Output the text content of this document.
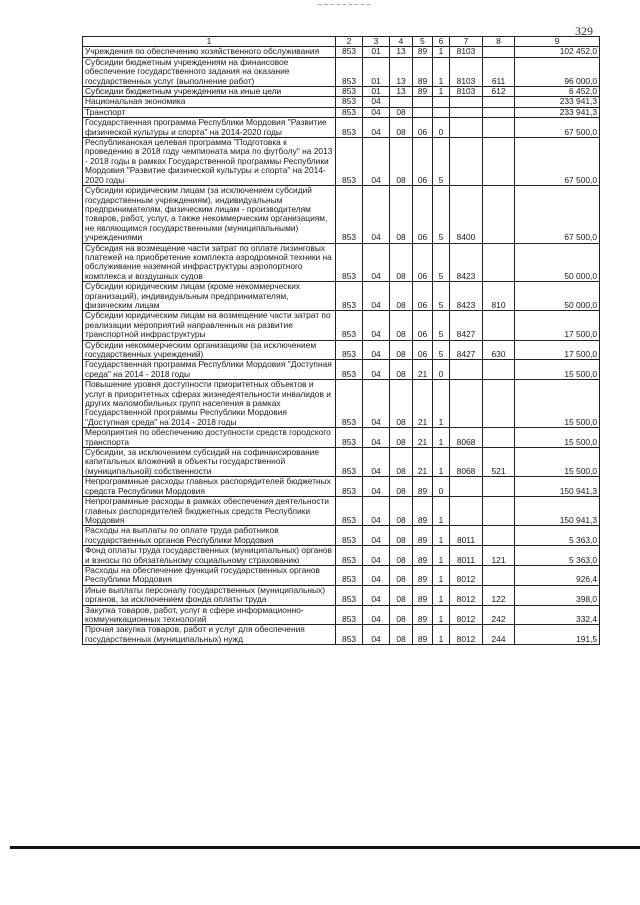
~ ~ ~ ~ ~ ~ ~ ~ ~
329
1	2	3	4	5	6	7	8	9
Учреждения по обеспечению хозяйственного обслуживания	853	01	13	89	1	8103		102 452,0
Субсидии бюджетным учреждениям на финансовое обеспечение государственного задания на оказание государственных услуг (выполнение работ)	853	01	13	89	1	8103	611	96 000,0
Субсидии бюджетным учреждениям на иные цели	853	01	13	89	1	8103	612	6 452,0
Национальная экономика	853	04						233 941,3
Транспорт	853	04	08					233 941,3
Государственная программа Республики Мордовия "Развитие физической культуры и спорта" на 2014-2020 годы	853	04	08	06	0			67 500,0
Республиканская целевая программа "Подготовка к проведению в 2018 году чемпионата мира по футболу" на 2013 - 2018 годы в рамках Государственной программы Республики Мордовия "Развитие физической культуры и спорта" на 2014-2020 годы	853	04	08	06	5			67 500,0
Субсидии юридическим лицам (за исключением субсидий государственным учреждениям), индивидуальным предпринимателям, физическим лицам - производителям товаров, работ, услуг, а также некоммерческим организациям, не являющимся государственными (муниципальными) учреждениями	853	04	08	06	5	8400		67 500,0
Субсидия на возмещение части затрат по оплате лизинговых платежей на приобретение комплекта аэродромной техники на обслуживание наземной инфраструктуры аэропортного комплекса и воздушных судов	853	04	08	06	5	8423		50 000,0
Субсидии юридическим лицам (кроме некоммерческих организаций), индивидуальным предпринимателям, физическим лицам	853	04	08	06	5	8423	810	50 000,0
Субсидии юридическим лицам на возмещение части затрат по реализации мероприятий направленных на развитие транспортной инфраструктуры	853	04	08	06	5	8427		17 500,0
Субсидии некоммерческим организациям (за исключением государственных учреждений)	853	04	08	06	5	8427	630	17 500,0
Государственная программа Республики Мордовия "Доступная среда" на 2014 - 2018 годы	853	04	08	21	0			15 500,0
Повышение уровня доступности приоритетных объектов и услуг в приоритетных сферах жизнедеятельности инвалидов и других маломобильных групп населения в рамках Государственной программы Республики Мордовия "Доступная среда" на 2014 - 2018 годы	853	04	08	21	1			15 500,0
Мероприятия по обеспечению доступности средств городского транспорта	853	04	08	21	1	8068		15 500,0
Субсидии, за исключением субсидий на софинансирование капитальных вложений в объекты государственной (муниципальной) собственности	853	04	08	21	1	8068	521	15 500,0
Непрограммные расходы главных распорядителей бюджетных средств Республики Мордовия	853	04	08	89	0			150 941,3
Непрограммные расходы в рамках обеспечения деятельности главных распорядителей бюджетных средств Республики Мордовия	853	04	08	89	1			150 941,3
Расходы на выплаты по оплате труда работников государственных органов Республики Мордовия	853	04	08	89	1	8011		5 363,0
Фонд оплаты труда государственных (муниципальных) органов и взносы по обязательному социальному страхованию	853	04	08	89	1	8011	121	5 363,0
Расходы на обеспечение функций государственных органов Республики Мордовия	853	04	08	89	1	8012		926,4
Иные выплаты персоналу государственных (муниципальных) органов, за исключением фонда оплаты труда	853	04	08	89	1	8012	122	398,0
Закупка товаров, работ, услуг в сфере информационно-коммуникационных технологий	853	04	08	89	1	8012	242	332,4
Прочая закупка товаров, работ и услуг для обеспечения государственных (муниципальных) нужд	853	04	08	89	1	8012	244	191,5
